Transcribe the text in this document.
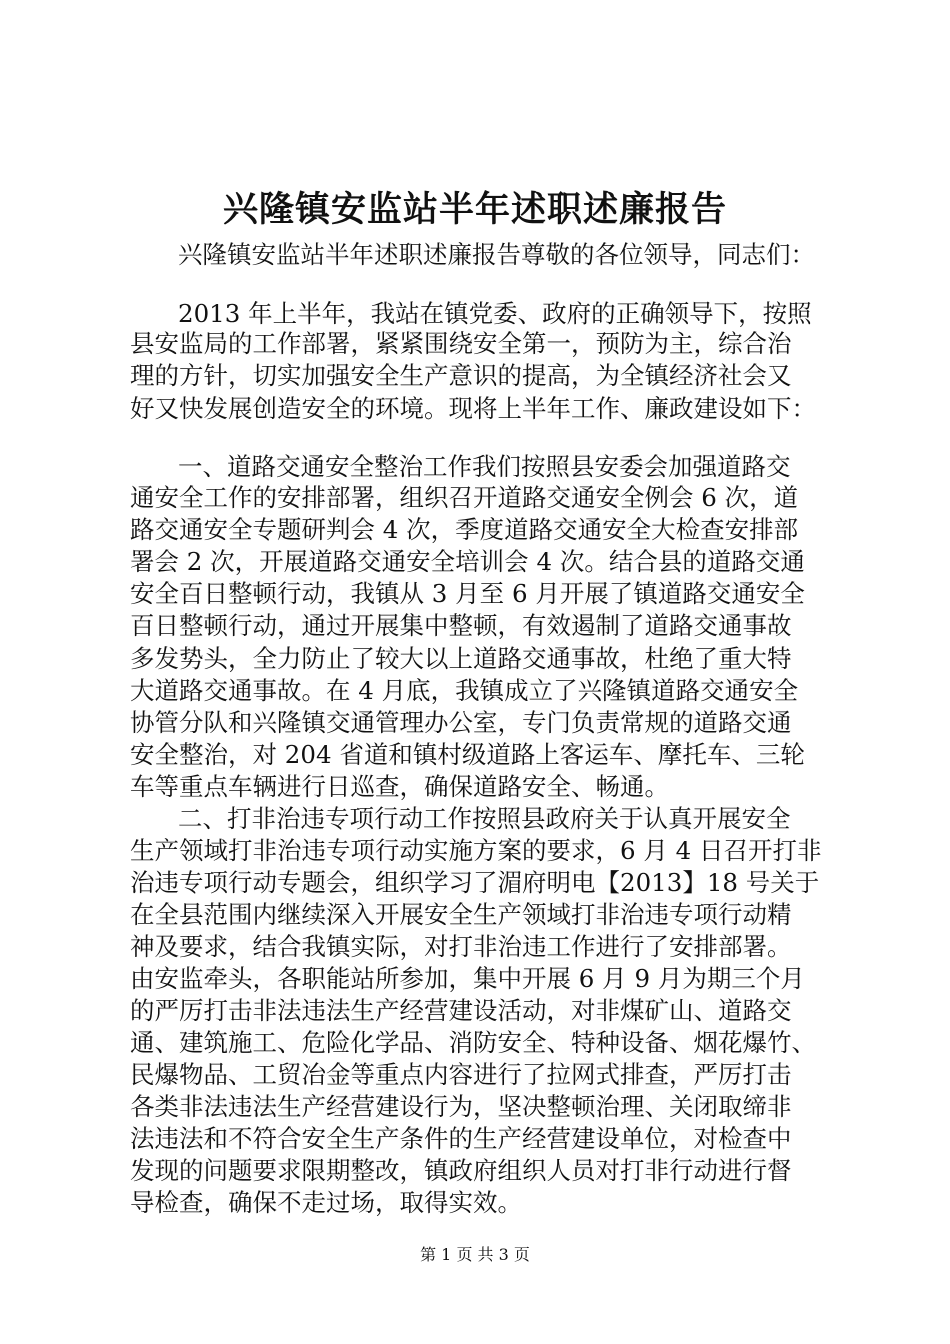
兴隆镇安监站半年述职述廉报告
兴隆镇安监站半年述职述廉报告尊敬的各位领导，同志们：
2013 年上半年，我站在镇党委、政府的正确领导下，按照
县安监局的工作部署，紧紧围绕安全第一，预防为主，综合治
理的方针，切实加强安全生产意识的提高，为全镇经济社会又
好又快发展创造安全的环境。现将上半年工作、廉政建设如下：
一、道路交通安全整治工作我们按照县安委会加强道路交
通安全工作的安排部署，组织召开道路交通安全例会 6 次，道
路交通安全专题研判会 4 次，季度道路交通安全大检查安排部
署会 2 次，开展道路交通安全培训会 4 次。结合县的道路交通
安全百日整顿行动，我镇从 3 月至 6 月开展了镇道路交通安全
百日整顿行动，通过开展集中整顿，有效遏制了道路交通事故
多发势头，全力防止了较大以上道路交通事故，杜绝了重大特
大道路交通事故。在 4 月底，我镇成立了兴隆镇道路交通安全
协管分队和兴隆镇交通管理办公室，专门负责常规的道路交通
安全整治，对 204 省道和镇村级道路上客运车、摩托车、三轮
车等重点车辆进行日巡查，确保道路安全、畅通。
二、打非治违专项行动工作按照县政府关于认真开展安全
生产领域打非治违专项行动实施方案的要求，6 月 4 日召开打非
治违专项行动专题会，组织学习了湄府明电【2013】18 号关于
在全县范围内继续深入开展安全生产领域打非治违专项行动精
神及要求，结合我镇实际，对打非治违工作进行了安排部署。
由安监牵头，各职能站所参加，集中开展 6 月 9 月为期三个月
的严厉打击非法违法生产经营建设活动，对非煤矿山、道路交
通、建筑施工、危险化学品、消防安全、特种设备、烟花爆竹、
民爆物品、工贸冶金等重点内容进行了拉网式排查，严厉打击
各类非法违法生产经营建设行为，坚决整顿治理、关闭取缔非
法违法和不符合安全生产条件的生产经营建设单位，对检查中
发现的问题要求限期整改，镇政府组织人员对打非行动进行督
导检查，确保不走过场，取得实效。
第 1 页 共 3 页
